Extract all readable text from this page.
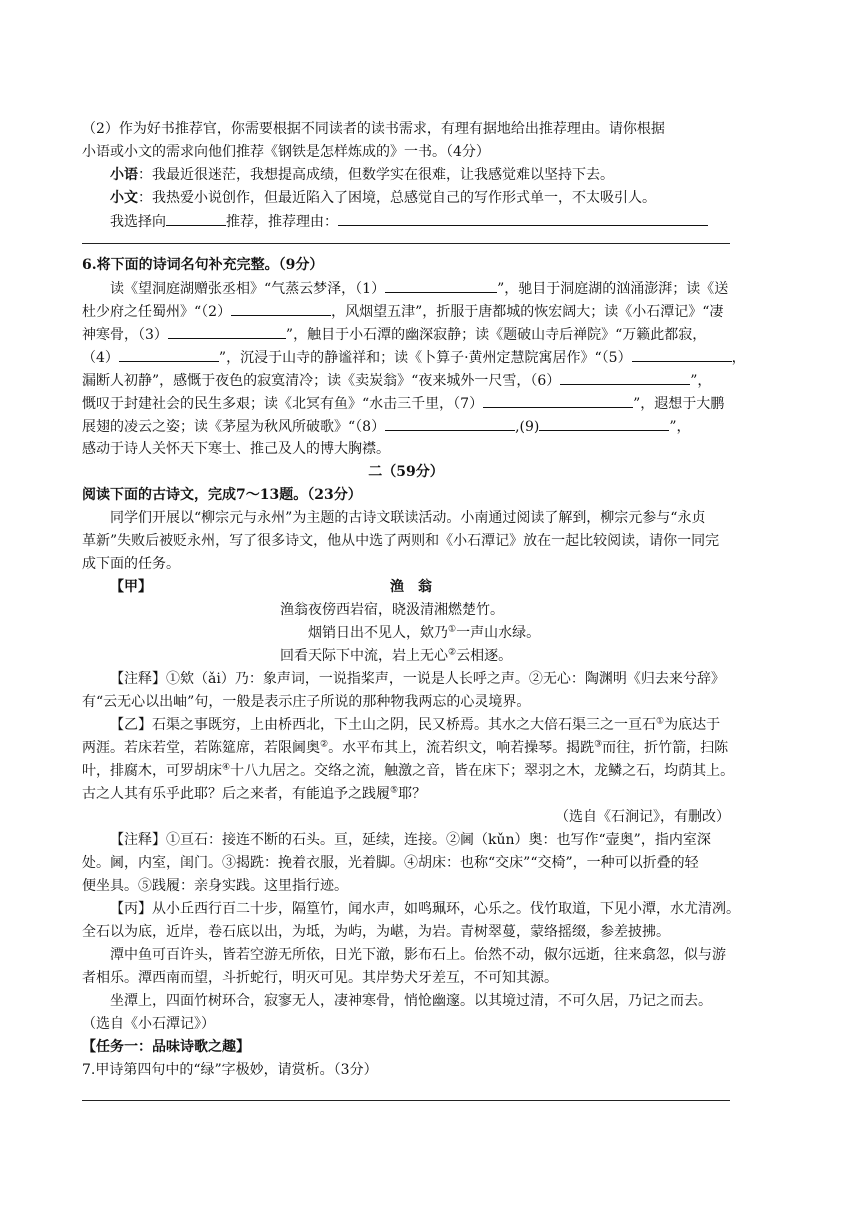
（2）作为好书推荐官，你需要根据不同读者的读书需求，有理有据地给出推荐理由。请你根据
小语或小文的需求向他们推荐《钢铁是怎样炼成的》一书。（4分）
小语：我最近很迷茫，我想提高成绩，但数学实在很难，让我感觉难以坚持下去。
小文：我热爱小说创作，但最近陷入了困境，总感觉自己的写作形式单一，不太吸引人。
我选择向	推荐，推荐理由：
6.将下面的诗词名句补充完整。（9分）
读《望洞庭湖赠张丞相》“气蒸云梦泽，（1）	”，驰目于洞庭湖的汹涌澎湃；读《送
杜少府之任蜀州》“（2）	，风烟望五津”，折服于唐都城的恢宏阔大；读《小石潭记》“凄
神寒骨，（3）	”，触目于小石潭的幽深寂静；读《题破山寺后禅院》“万籁此都寂，
（4）	”，沉浸于山寺的静谧祥和；读《卜算子·黄州定慧院寓居作》“（5）	，
漏断人初静”，感慨于夜色的寂寞清冷；读《卖炭翁》“夜来城外一尺雪，（6）	”，
慨叹于封建社会的民生多艰；读《北冥有鱼》“水击三千里，（7）	”，遐想于大鹏
展翅的凌云之姿；读《茅屋为秋风所破歌》“（8）	,(9)	”，
感动于诗人关怀天下寒士、推己及人的博大胸襟。
二（59分）
阅读下面的古诗文，完成7～13题。（23分）
同学们开展以“柳宗元与永州”为主题的古诗文联读活动。小南通过阅读了解到，柳宗元参与“永贞
革新”失败后被贬永州，写了很多诗文，他从中选了两则和《小石潭记》放在一起比较阅读，请你一同完
成下面的任务。
【甲】	渔翁
渔翁夜傍西岩宿，晓汲清湘燃楚竹。
烟销日出不见人，欸乃①一声山水绿。
回看天际下中流，岩上无心②云相逐。
【注释】①欸（ǎi）乃：象声词，一说指桨声，一说是人长呼之声。②无心：陶渊明《归去来兮辞》
有“云无心以出岫”句，一般是表示庄子所说的那种物我两忘的心灵境界。
【乙】石渠之事既穷，上由桥西北，下土山之阴，民又桥焉。其水之大倍石渠三之一亘石①为底达于
两涯。若床若堂，若陈筵席，若限阃奥②。水平布其上，流若织文，响若操琴。揭跣③而往，折竹箭，扫陈
叶，排腐木，可罗胡床④十八九居之。交络之流，触激之音，皆在床下；翠羽之木，龙鳞之石，均荫其上。
古之人其有乐乎此耶？后之来者，有能追予之践履⑤耶？
（选自《石涧记》，有删改）
【注释】①亘石：接连不断的石头。亘，延续，连接。②阃（kǔn）奥：也写作“壸奥”，指内室深
处。阃，内室，闺门。③揭跣：挽着衣服，光着脚。④胡床：也称“交床”“交椅”，一种可以折叠的轻
便坐具。⑤践履：亲身实践。这里指行迹。
【丙】从小丘西行百二十步，隔篁竹，闻水声，如鸣珮环，心乐之。伐竹取道，下见小潭，水尤清冽。
全石以为底，近岸，卷石底以出，为坻，为屿，为嵁，为岩。青树翠蔓，蒙络摇缀，参差披拂。
潭中鱼可百许头，皆若空游无所依，日光下澈，影布石上。佁然不动，俶尔远逝，往来翕忽，似与游
者相乐。潭西南而望，斗折蛇行，明灭可见。其岸势犬牙差互，不可知其源。
坐潭上，四面竹树环合，寂寥无人，凄神寒骨，悄怆幽邃。以其境过清，不可久居，乃记之而去。
（选自《小石潭记》）
【任务一：品味诗歌之趣】
7.甲诗第四句中的“绿”字极妙，请赏析。（3分）
